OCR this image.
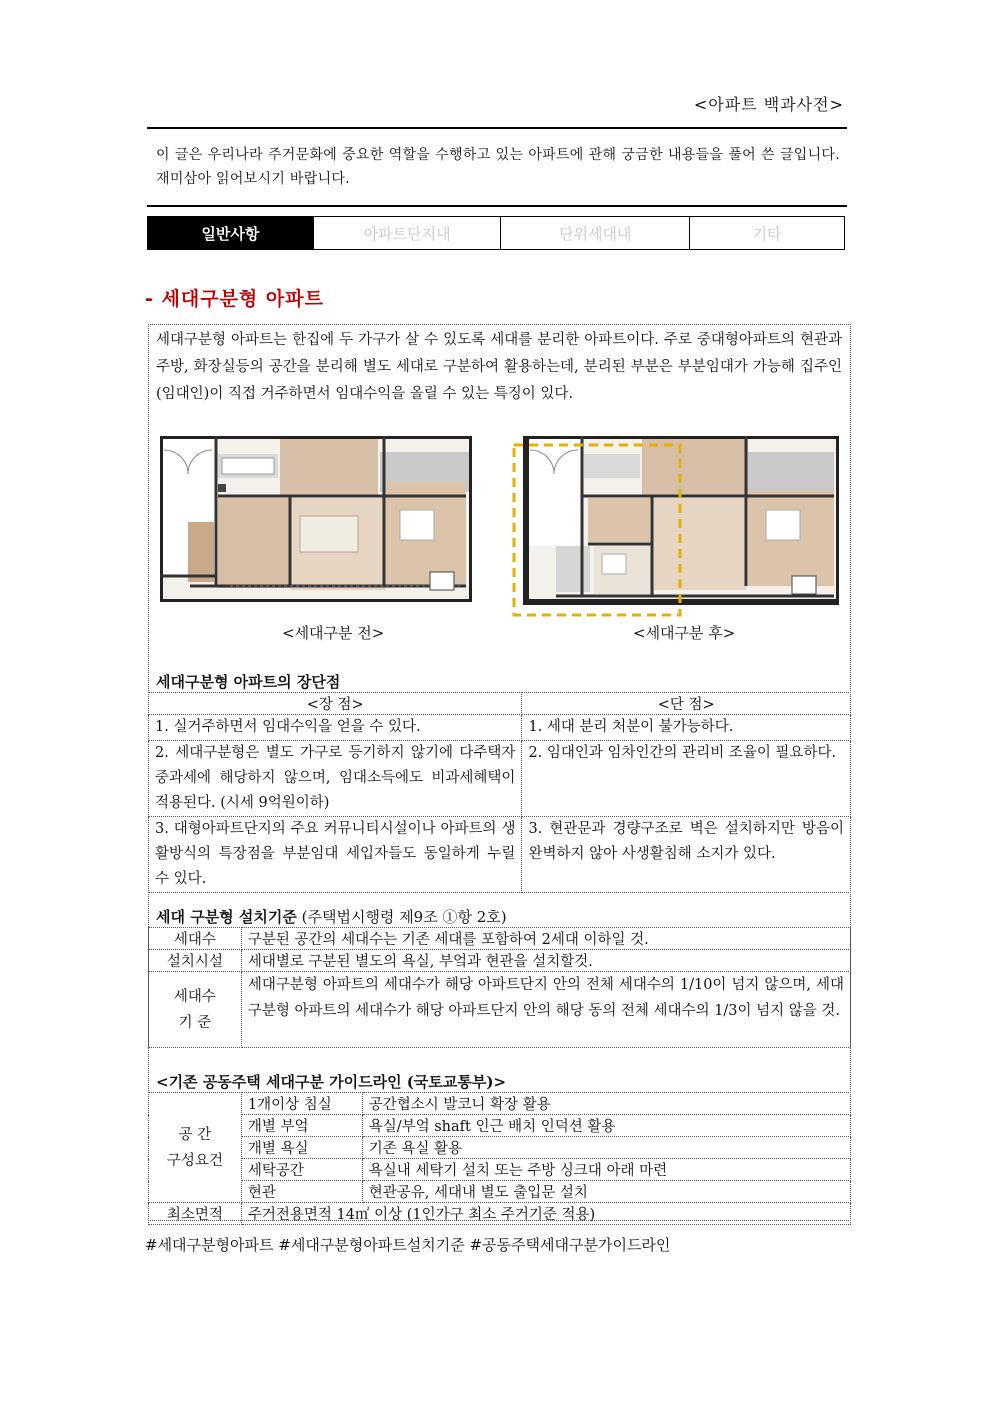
<아파트 백과사전>
이 글은 우리나라 주거문화에 중요한 역할을 수행하고 있는 아파트에 관해 궁금한 내용들을 풀어 쓴 글입니다. 재미삼아 읽어보시기 바랍니다.
일반사항	아파트단지내	단위세대내	기타
- 세대구분형 아파트
세대구분형 아파트는 한집에 두 가구가 살 수 있도록 세대를 분리한 아파트이다. 주로 중대형아파트의 현관과 주방, 화장실등의 공간을 분리해 별도 세대로 구분하여 활용하는데, 분리된 부분은 부분임대가 가능해 집주인(임대인)이 직접 거주하면서 임대수익을 올릴 수 있는 특징이 있다.
<세대구분 전>	<세대구분 후>
세대구분형 아파트의 장단점
<장 점>	<단 점>
1. 실거주하면서 임대수익을 얻을 수 있다.	1. 세대 분리 처분이 불가능하다.
2. 세대구분형은 별도 가구로 등기하지 않기에 다주택자 중과세에 해당하지 않으며, 임대소득에도 비과세혜택이 적용된다. (시세 9억원이하)	2. 임대인과 임차인간의 관리비 조율이 필요하다.
3. 대형아파트단지의 주요 커뮤니티시설이나 아파트의 생활방식의 특장점을 부분임대 세입자들도 동일하게 누릴 수 있다.	3. 현관문과 경량구조로 벽은 설치하지만 방음이 완벽하지 않아 사생활침해 소지가 있다.
세대 구분형 설치기준 (주택법시행령 제9조 ①항 2호)
세대수	구분된 공간의 세대수는 기존 세대를 포함하여 2세대 이하일 것.
설치시설	세대별로 구분된 별도의 욕실, 부엌과 현관을 설치할것.

세대수
기 준	세대구분형 아파트의 세대수가 해당 아파트단지 안의 전체 세대수의 1/10이 넘지 않으며, 세대구분형 아파트의 세대수가 해당 아파트단지 안의 해당 동의 전체 세대수의 1/3이 넘지 않을 것.
<기존 공동주택 세대구분 가이드라인 (국토교통부)>
공 간
구성요건	1개이상 침실	공간협소시 발코니 확장 활용
	개별 부엌	욕실/부엌 shaft 인근 배치 인덕션 활용
	개별 욕실	기존 욕실 활용
	세탁공간	욕실내 세탁기 설치 또는 주방 싱크대 아래 마련
	현관	현관공유, 세대내 별도 출입문 설치
최소면적	주거전용면적 14㎡ 이상 (1인가구 최소 주거기준 적용)	
#세대구분형아파트 #세대구분형아파트설치기준 #공동주택세대구분가이드라인
